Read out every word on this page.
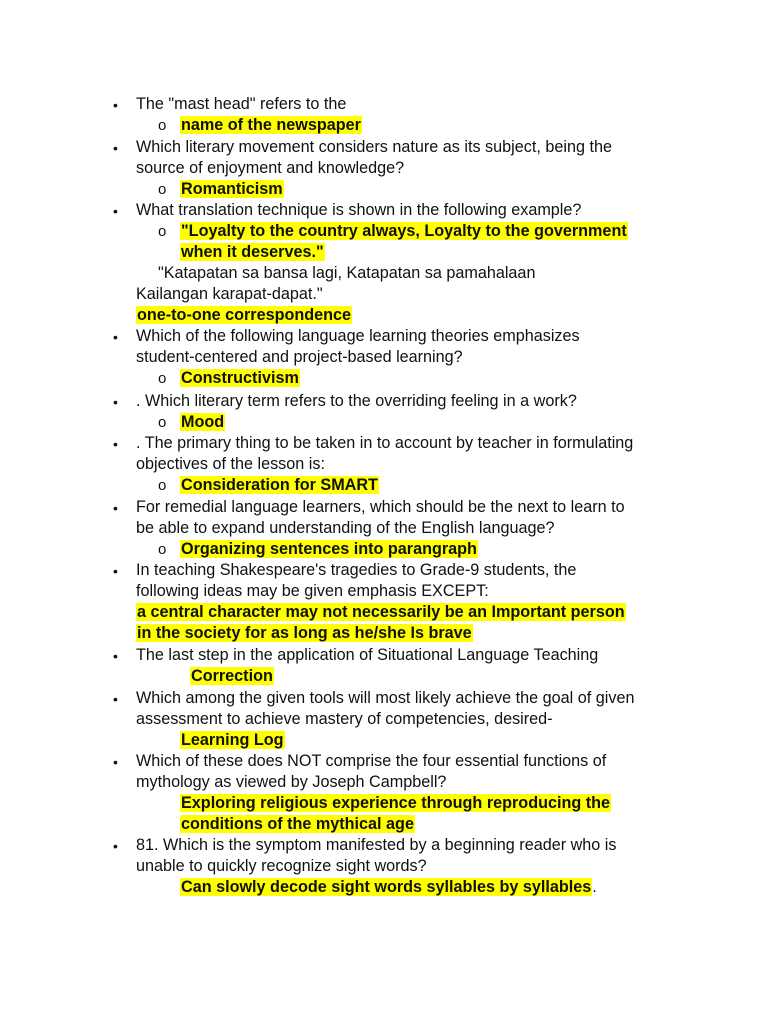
• The "mast head" refers to the
o name of the newspaper
• Which literary movement considers nature as its subject, being the
source of enjoyment and knowledge?
o Romanticism
• What translation technique is shown in the following example?
o "Loyalty to the country always, Loyalty to the government
when it deserves."
"Katapatan sa bansa lagi, Katapatan sa pamahalaan
Kailangan karapat-dapat."
one-to-one correspondence
• Which of the following language learning theories emphasizes
student-centered and project-based learning?
o Constructivism
• . Which literary term refers to the overriding feeling in a work?
o Mood
• . The primary thing to be taken in to account by teacher in formulating
objectives of the lesson is:
o Consideration for SMART
• For remedial language learners, which should be the next to learn to
be able to expand understanding of the English language?
o Organizing sentences into parangraph
• In teaching Shakespeare's tragedies to Grade-9 students, the
following ideas may be given emphasis EXCEPT:
a central character may not necessarily be an Important person
in the society for as long as he/she Is brave
• The last step in the application of Situational Language Teaching
Correction
• Which among the given tools will most likely achieve the goal of given
assessment to achieve mastery of competencies, desired-
Learning Log
• Which of these does NOT comprise the four essential functions of
mythology as viewed by Joseph Campbell?
Exploring religious experience through reproducing the
conditions of the mythical age
• 81. Which is the symptom manifested by a beginning reader who is
unable to quickly recognize sight words?
Can slowly decode sight words syllables by syllables.
